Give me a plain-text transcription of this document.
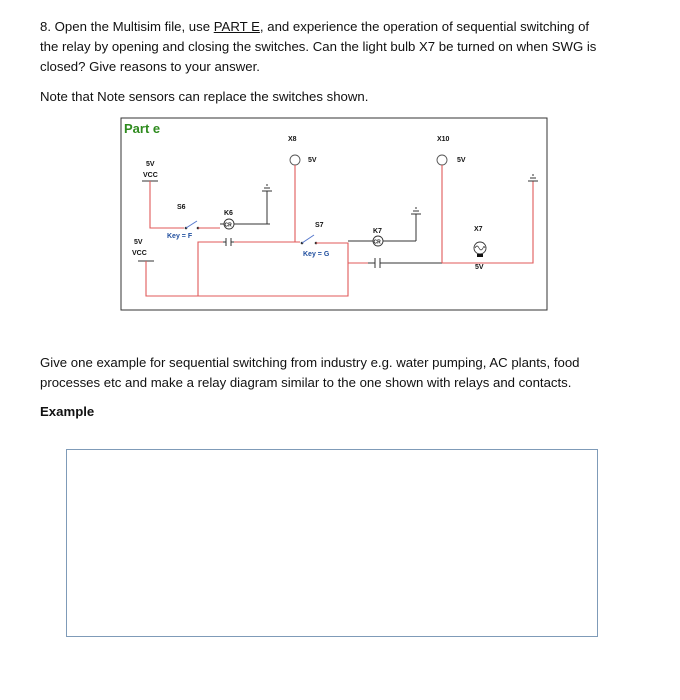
8. Open the Multisim file, use PART E, and experience the operation of sequential switching of
the relay by opening and closing the switches. Can the light bulb X7 be turned on when SWG is
closed? Give reasons to your answer.

Note that Note sensors can replace the switches shown.

Part e
5V
VCC
S6
Key = F
K6
CR
5V
VCC
X8
5V
S7
Key = G
K7
CR
X10
5V
X7
5V

Give one example for sequential switching from industry e.g. water pumping, AC plants, food
processes etc and make a relay diagram similar to the one shown with relays and contacts.

Example
